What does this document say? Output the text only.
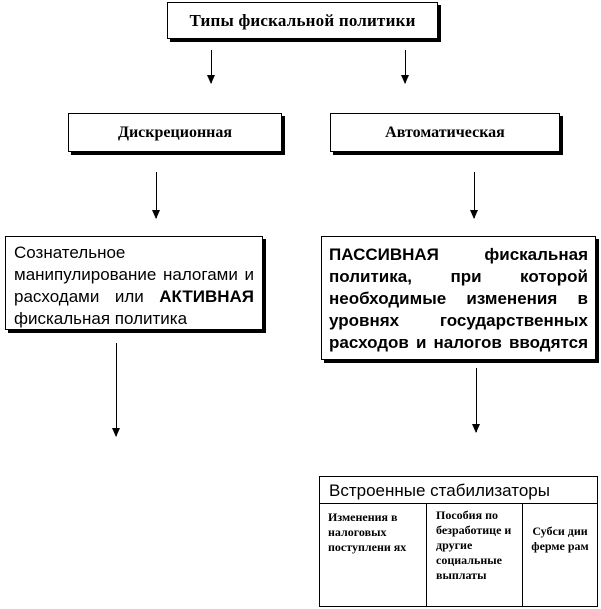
Типы фискальной политики
Дискреционная	Автоматическая
Сознательное манипулирование налогами и расходами или АКТИВНАЯ фискальная политика
ПАССИВНАЯ фискальная политика, при которой необходимые изменения в уровнях государственных расходов и налогов вводятся
Встроенные стабилизаторы
Изменения в налоговых поступлени ях
Пособия по безработице и другие социальные выплаты
Субси дии ферме рам
